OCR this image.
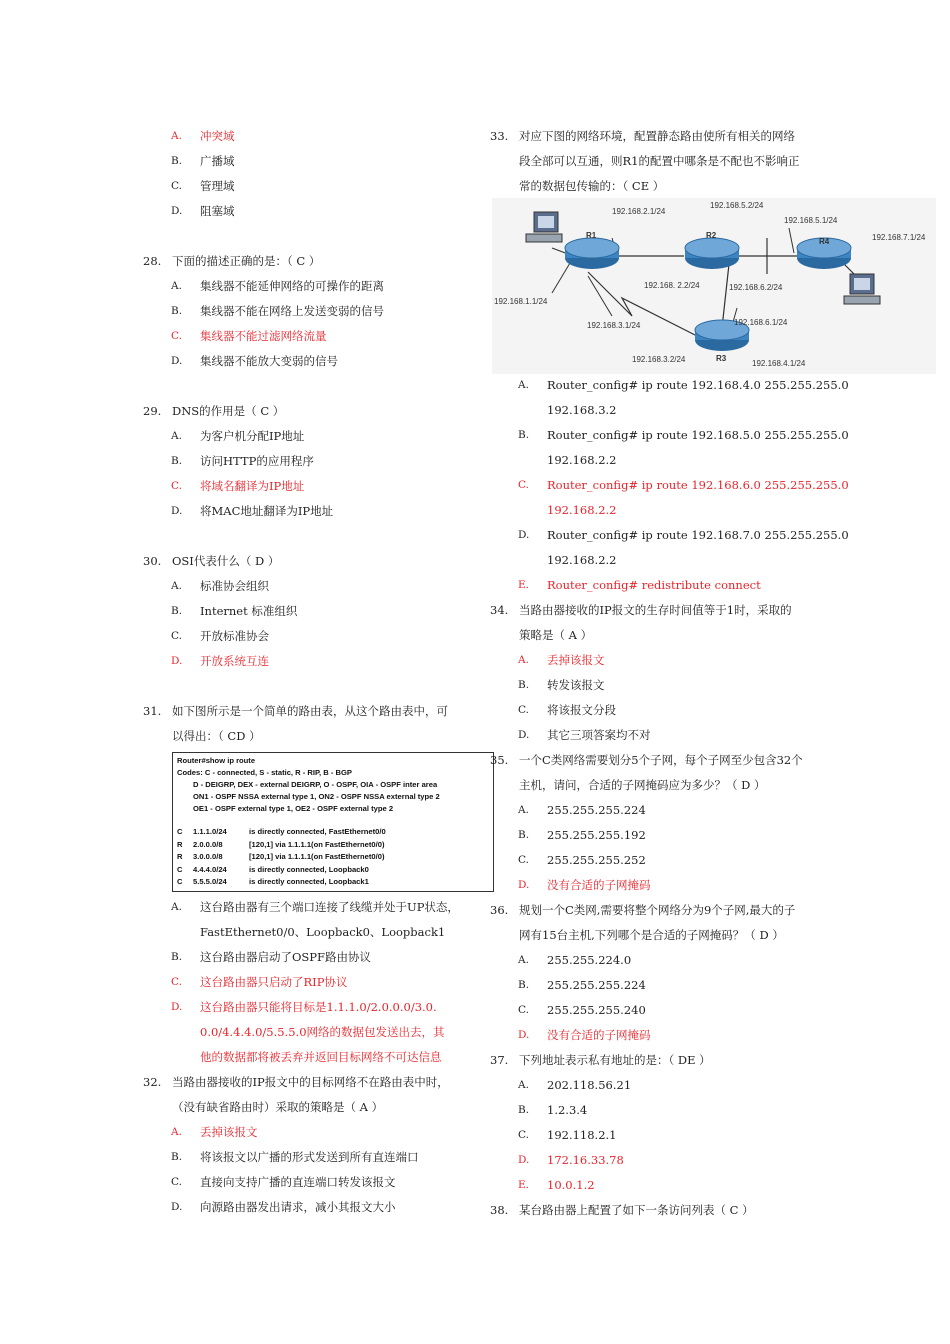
A. 冲突域
B. 广播域
C. 管理域
D. 阻塞域
28. 下面的描述正确的是：（ C ）
A. 集线器不能延伸网络的可操作的距离
B. 集线器不能在网络上发送变弱的信号
C. 集线器不能过滤网络流量
D. 集线器不能放大变弱的信号
29. DNS的作用是（ C ）
A. 为客户机分配IP地址
B. 访问HTTP的应用程序
C. 将域名翻译为IP地址
D. 将MAC地址翻译为IP地址
30. OSI代表什么（ D ）
A. 标准协会组织
B. Internet 标准组织
C. 开放标准协会
D. 开放系统互连
31. 如下图所示是一个简单的路由表，从这个路由表中，可
以得出：（ CD ）
Router#show ip route
Codes: C - connected, S - static, R - RIP, B - BGP
D - DEIGRP, DEX - external DEIGRP, O - OSPF, OIA - OSPF inter area
ON1 - OSPF NSSA external type 1, ON2 - OSPF NSSA external type 2
OE1 - OSPF external type 1, OE2 - OSPF external type 2
C 1.1.1.0/24	is directly connected, FastEthernet0/0
R 2.0.0.0/8	[120,1] via 1.1.1.1(on FastEthernet0/0)
R 3.0.0.0/8	[120,1] via 1.1.1.1(on FastEthernet0/0)
C 4.4.4.0/24	is directly connected, Loopback0
C 5.5.5.0/24	is directly connected, Loopback1
A. 这台路由器有三个端口连接了线缆并处于UP状态，
FastEthernet0/0、Loopback0、Loopback1
B. 这台路由器启动了OSPF路由协议
C. 这台路由器只启动了RIP协议
D. 这台路由器只能将目标是1.1.1.0/2.0.0.0/3.0.
0.0/4.4.4.0/5.5.5.0网络的数据包发送出去，其
他的数据都将被丢弃并返回目标网络不可达信息
32. 当路由器接收的IP报文中的目标网络不在路由表中时，
（没有缺省路由时）采取的策略是（ A ）
A. 丢掉该报文
B. 将该报文以广播的形式发送到所有直连端口
C. 直接向支持广播的直连端口转发该报文
D. 向源路由器发出请求，减小其报文大小
33. 对应下图的网络环境，配置静态路由使所有相关的网络
段全部可以互通，则R1的配置中哪条是不配也不影响正
常的数据包传输的：（ CE ）
R1	R2
R4
R3
192.168.2.1/24
192.168.5.2/24
192.168.5.1/24
192.168.7.1/24
192.168.1.1/24
192.168. 2.2/24	192.168.6.2/24
192.168.3.1/24	192.168.6.1/24
192.168.3.2/24	192.168.4.1/24
A. Router_config# ip route 192.168.4.0 255.255.255.0
192.168.3.2
B. Router_config# ip route 192.168.5.0 255.255.255.0
192.168.2.2
C. Router_config# ip route 192.168.6.0 255.255.255.0
192.168.2.2
D. Router_config# ip route 192.168.7.0 255.255.255.0
192.168.2.2
E. Router_config# redistribute connect
34. 当路由器接收的IP报文的生存时间值等于1时，采取的
策略是（ A ）
A. 丢掉该报文
B. 转发该报文
C. 将该报文分段
D. 其它三项答案均不对
35. 一个C类网络需要划分5个子网，每个子网至少包含32个
主机，请问，合适的子网掩码应为多少？（ D ）
A. 255.255.255.224
B. 255.255.255.192
C. 255.255.255.252
D. 没有合适的子网掩码
36. 规划一个C类网,需要将整个网络分为9个子网,最大的子
网有15台主机,下列哪个是合适的子网掩码？（ D ）
A. 255.255.224.0
B. 255.255.255.224
C. 255.255.255.240
D. 没有合适的子网掩码
37. 下列地址表示私有地址的是：（ DE ）
A. 202.118.56.21
B. 1.2.3.4
C. 192.118.2.1
D. 172.16.33.78
E. 10.0.1.2
38. 某台路由器上配置了如下一条访问列表（ C ）
